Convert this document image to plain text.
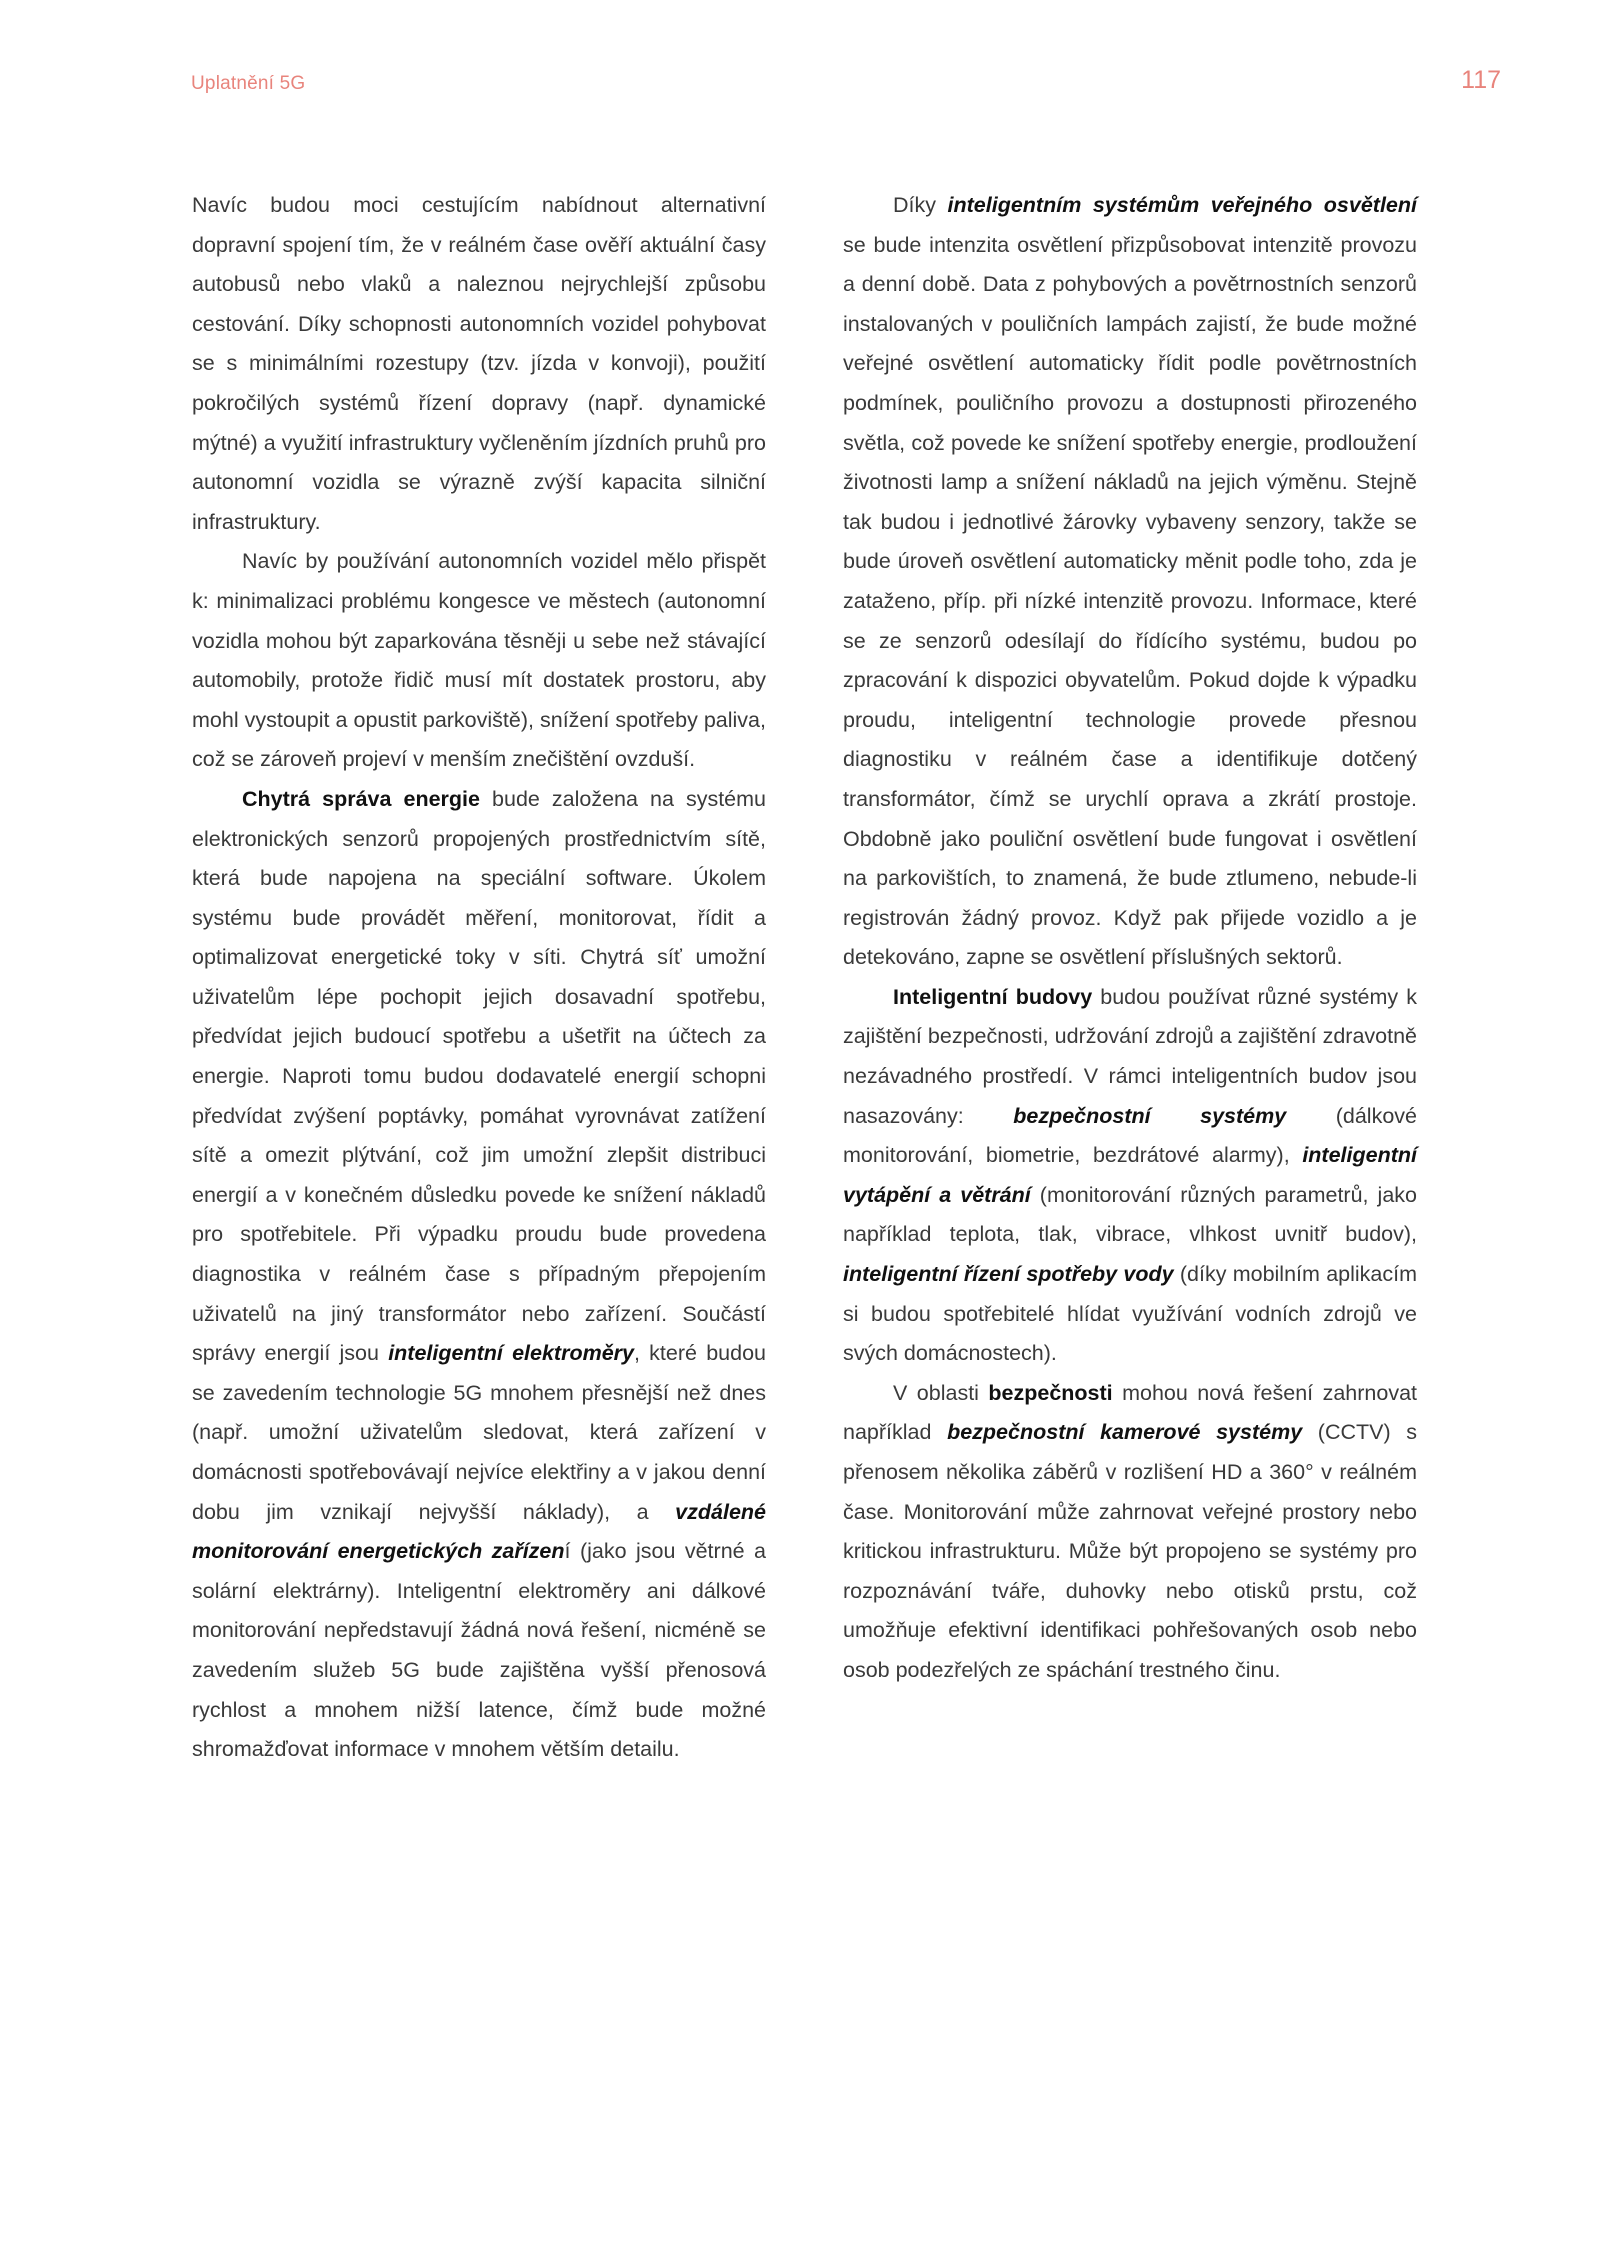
Uplatnění 5G	117

Navíc budou moci cestujícím nabídnout alternativní dopravní spojení tím, že v reálném čase ověří aktuální časy autobusů nebo vlaků a naleznou nejrychlejší způsobu cestování. Díky schopnosti autonomních vozidel pohybovat se s minimálními rozestupy (tzv. jízda v konvoji), použití pokročilých systémů řízení dopravy (např. dynamické mýtné) a využití infrastruktury vyčleněním jízdních pruhů pro autonomní vozidla se výrazně zvýší kapacita silniční infrastruktury.

Navíc by používání autonomních vozidel mělo přispět k: minimalizaci problému kongesce ve městech (autonomní vozidla mohou být zaparkována těsněji u sebe než stávající automobily, protože řidič musí mít dostatek prostoru, aby mohl vystoupit a opustit parkoviště), snížení spotřeby paliva, což se zároveň projeví v menším znečištění ovzduší.

Chytrá správa energie bude založena na systému elektronických senzorů propojených prostřednictvím sítě, která bude napojena na speciální software. Úkolem systému bude provádět měření, monitorovat, řídit a optimalizovat energetické toky v síti. Chytrá síť umožní uživatelům lépe pochopit jejich dosavadní spotřebu, předvídat jejich budoucí spotřebu a ušetřit na účtech za energie. Naproti tomu budou dodavatelé energií schopni předvídat zvýšení poptávky, pomáhat vyrovnávat zatížení sítě a omezit plýtvání, což jim umožní zlepšit distribuci energií a v konečném důsledku povede ke snížení nákladů pro spotřebitele. Při výpadku proudu bude provedena diagnostika v reálném čase s případným přepojením uživatelů na jiný transformátor nebo zařízení. Součástí správy energií jsou inteligentní elektroměry, které budou se zavedením technologie 5G mnohem přesnější než dnes (např. umožní uživatelům sledovat, která zařízení v domácnosti spotřebovávají nejvíce elektřiny a v jakou denní dobu jim vznikají nejvyšší náklady), a vzdálené monitorování energetických zařízení (jako jsou větrné a solární elektrárny). Inteligentní elektroměry ani dálkové monitorování nepředstavují žádná nová řešení, nicméně se zavedením služeb 5G bude zajištěna vyšší přenosová rychlost a mnohem nižší latence, čímž bude možné shromažďovat informace v mnohem větším detailu.

Díky inteligentním systémům veřejného osvětlení se bude intenzita osvětlení přizpůsobovat intenzitě provozu a denní době. Data z pohybových a povětrnostních senzorů instalovaných v pouličních lampách zajistí, že bude možné veřejné osvětlení automaticky řídit podle povětrnostních podmínek, pouličního provozu a dostupnosti přirozeného světla, což povede ke snížení spotřeby energie, prodloužení životnosti lamp a snížení nákladů na jejich výměnu. Stejně tak budou i jednotlivé žárovky vybaveny senzory, takže se bude úroveň osvětlení automaticky měnit podle toho, zda je zataženo, příp. při nízké intenzitě provozu. Informace, které se ze senzorů odesílají do řídícího systému, budou po zpracování k dispozici obyvatelům. Pokud dojde k výpadku proudu, inteligentní technologie provede přesnou diagnostiku v reálném čase a identifikuje dotčený transformátor, čímž se urychlí oprava a zkrátí prostoje. Obdobně jako pouliční osvětlení bude fungovat i osvětlení na parkovištích, to znamená, že bude ztlumeno, nebude-li registrován žádný provoz. Když pak přijede vozidlo a je detekováno, zapne se osvětlení příslušných sektorů.

Inteligentní budovy budou používat různé systémy k zajištění bezpečnosti, udržování zdrojů a zajištění zdravotně nezávadného prostředí. V rámci inteligentních budov jsou nasazovány: bezpečnostní systémy (dálkové monitorování, biometrie, bezdrátové alarmy), inteligentní vytápění a větrání (monitorování různých parametrů, jako například teplota, tlak, vibrace, vlhkost uvnitř budov), inteligentní řízení spotřeby vody (díky mobilním aplikacím si budou spotřebitelé hlídat využívání vodních zdrojů ve svých domácnostech).

V oblasti bezpečnosti mohou nová řešení zahrnovat například bezpečnostní kamerové systémy (CCTV) s přenosem několika záběrů v rozlišení HD a 360° v reálném čase. Monitorování může zahrnovat veřejné prostory nebo kritickou infrastrukturu. Může být propojeno se systémy pro rozpoznávání tváře, duhovky nebo otisků prstu, což umožňuje efektivní identifikaci pohřešovaných osob nebo osob podezřelých ze spáchání trestného činu.
